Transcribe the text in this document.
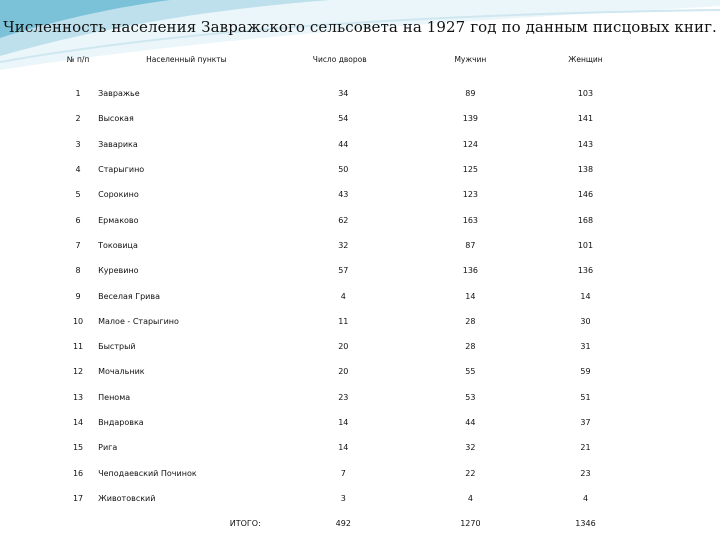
Численность населения Завражского сельсовета на 1927 год по данным писцовых книг.
№ п/п	Населенный пункты	Число дворов	Мужчин	Женщин
1	Завражье	34	89	103
2	Высокая	54	139	141
3	Заварика	44	124	143
4	Старыгино	50	125	138
5	Сорокино	43	123	146
6	Ермаково	62	163	168
7	Токовица	32	87	101
8	Куревино	57	136	136
9	Веселая Грива	4	14	14
10	Малое - Старыгино	11	28	30
11	Быстрый	20	28	31
12	Мочальник	20	55	59
13	Пенома	23	53	51
14	Вндаровка	14	44	37
15	Рига	14	32	21
16	Чеподаевский Починок	7	22	23
17	Животовский	3	4	4
	ИТОГО:	492	1270	1346
